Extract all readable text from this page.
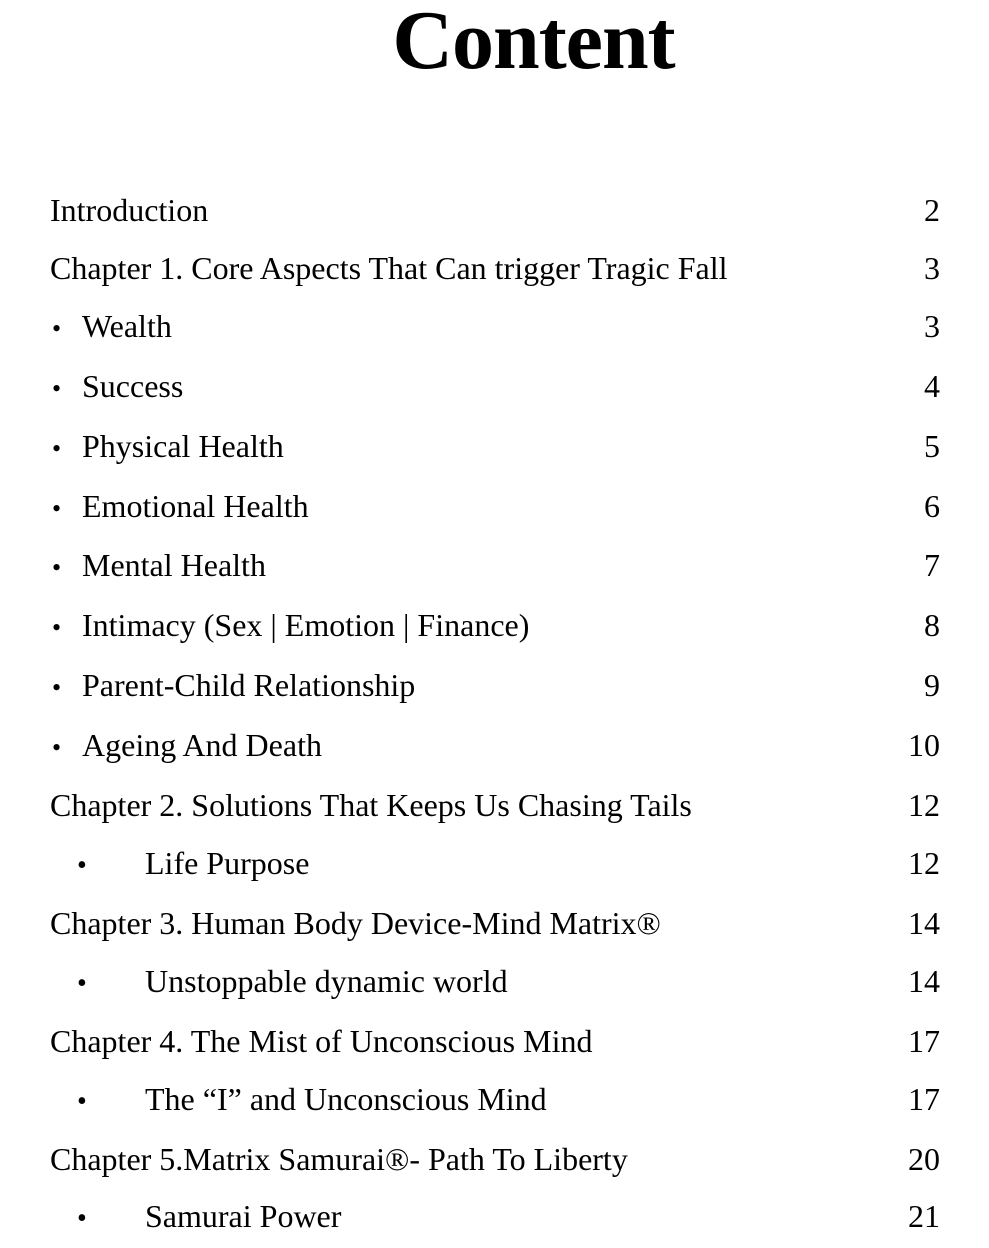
Content
Introduction	2
Chapter 1. Core Aspects That Can trigger Tragic Fall	3
• Wealth	3
• Success	4
• Physical Health	5
• Emotional Health	6
• Mental Health	7
• Intimacy (Sex | Emotion | Finance)	8
• Parent-Child Relationship	9
• Ageing And Death	10
Chapter 2. Solutions That Keeps Us Chasing Tails	12
•	Life Purpose	12
Chapter 3. Human Body Device-Mind Matrix®	14
•	Unstoppable dynamic world	14
Chapter 4. The Mist of Unconscious Mind	17
•	The “I” and Unconscious Mind	17
Chapter 5.Matrix Samurai®- Path To Liberty	20
•	Samurai Power	21
